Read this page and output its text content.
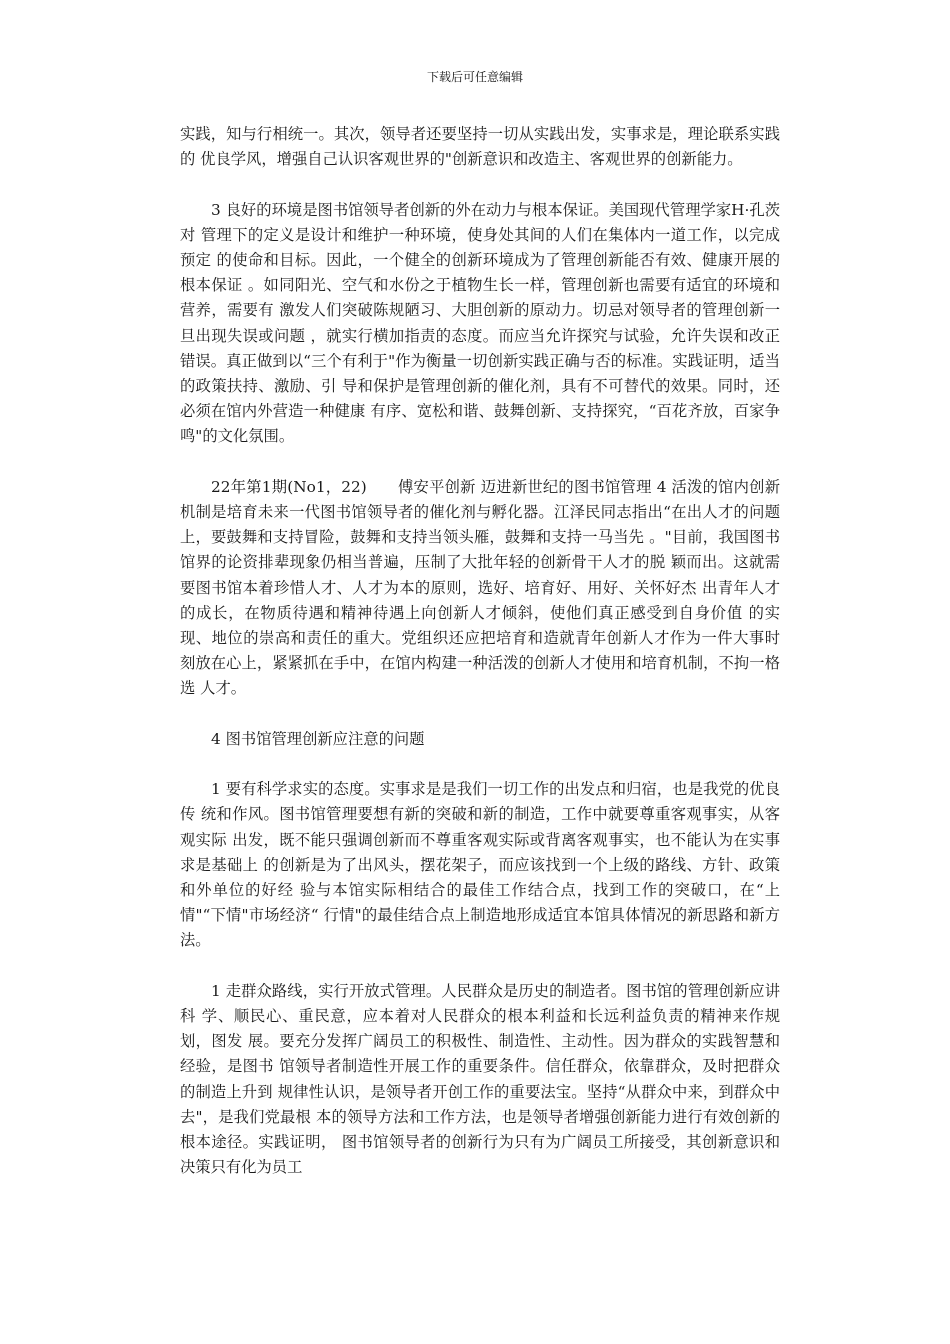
下载后可任意编辑

实践，知与行相统一。其次，领导者还要坚持一切从实践出发，实事求是，理论联系实践的 优良学风，增强自己认识客观世界的"创新意识和改造主、客观世界的创新能力。

3 良好的环境是图书馆领导者创新的外在动力与根本保证。美国现代管理学家H·孔茨对 管理下的定义是设计和维护一种环境，使身处其间的人们在集体内一道工作，以完成预定 的使命和目标。因此，一个健全的创新环境成为了管理创新能否有效、健康开展的根本保证 。如同阳光、空气和水份之于植物生长一样，管理创新也需要有适宜的环境和营养，需要有 激发人们突破陈规陋习、大胆创新的原动力。切忌对领导者的管理创新一旦出现失误或问题 ，就实行横加指责的态度。而应当允许探究与试验，允许失误和改正错误。真正做到以“三个有利于"作为衡量一切创新实践正确与否的标准。实践证明，适当的政策扶持、激励、引 导和保护是管理创新的催化剂，具有不可替代的效果。同时，还必须在馆内外营造一种健康 有序、宽松和谐、鼓舞创新、支持探究，“百花齐放，百家争鸣"的文化氛围。

22年第1期(No1，22)　　傅安平创新 迈进新世纪的图书馆管理 4 活泼的馆内创新机制是培育未来一代图书馆领导者的催化剂与孵化器。江泽民同志指出“在出人才的问题上，要鼓舞和支持冒险，鼓舞和支持当领头雁，鼓舞和支持一马当先 。"目前，我国图书馆界的论资排辈现象仍相当普遍，压制了大批年轻的创新骨干人才的脱 颖而出。这就需要图书馆本着珍惜人才、人才为本的原则，选好、培育好、用好、关怀好杰 出青年人才的成长，在物质待遇和精神待遇上向创新人才倾斜，使他们真正感受到自身价值 的实现、地位的崇高和责任的重大。党组织还应把培育和造就青年创新人才作为一件大事时 刻放在心上，紧紧抓在手中，在馆内构建一种活泼的创新人才使用和培育机制，不拘一格选 人才。

4 图书馆管理创新应注意的问题

1 要有科学求实的态度。实事求是是我们一切工作的出发点和归宿，也是我党的优良传 统和作风。图书馆管理要想有新的突破和新的制造，工作中就要尊重客观事实，从客观实际 出发，既不能只强调创新而不尊重客观实际或背离客观事实，也不能认为在实事求是基础上 的创新是为了出风头，摆花架子，而应该找到一个上级的路线、方针、政策和外单位的好经 验与本馆实际相结合的最佳工作结合点，找到工作的突破口，在“上情"“下情"市场经济“ 行情"的最佳结合点上制造地形成适宜本馆具体情况的新思路和新方法。

1 走群众路线，实行开放式管理。人民群众是历史的制造者。图书馆的管理创新应讲科 学、顺民心、重民意，应本着对人民群众的根本利益和长远利益负责的精神来作规划，图发 展。要充分发挥广阔员工的积极性、制造性、主动性。因为群众的实践智慧和经验，是图书 馆领导者制造性开展工作的重要条件。信任群众，依靠群众，及时把群众的制造上升到 规律性认识，是领导者开创工作的重要法宝。坚持“从群众中来，到群众中去"，是我们党最根 本的领导方法和工作方法，也是领导者增强创新能力进行有效创新的根本途径。实践证明， 图书馆领导者的创新行为只有为广阔员工所接受，其创新意识和决策只有化为员工
